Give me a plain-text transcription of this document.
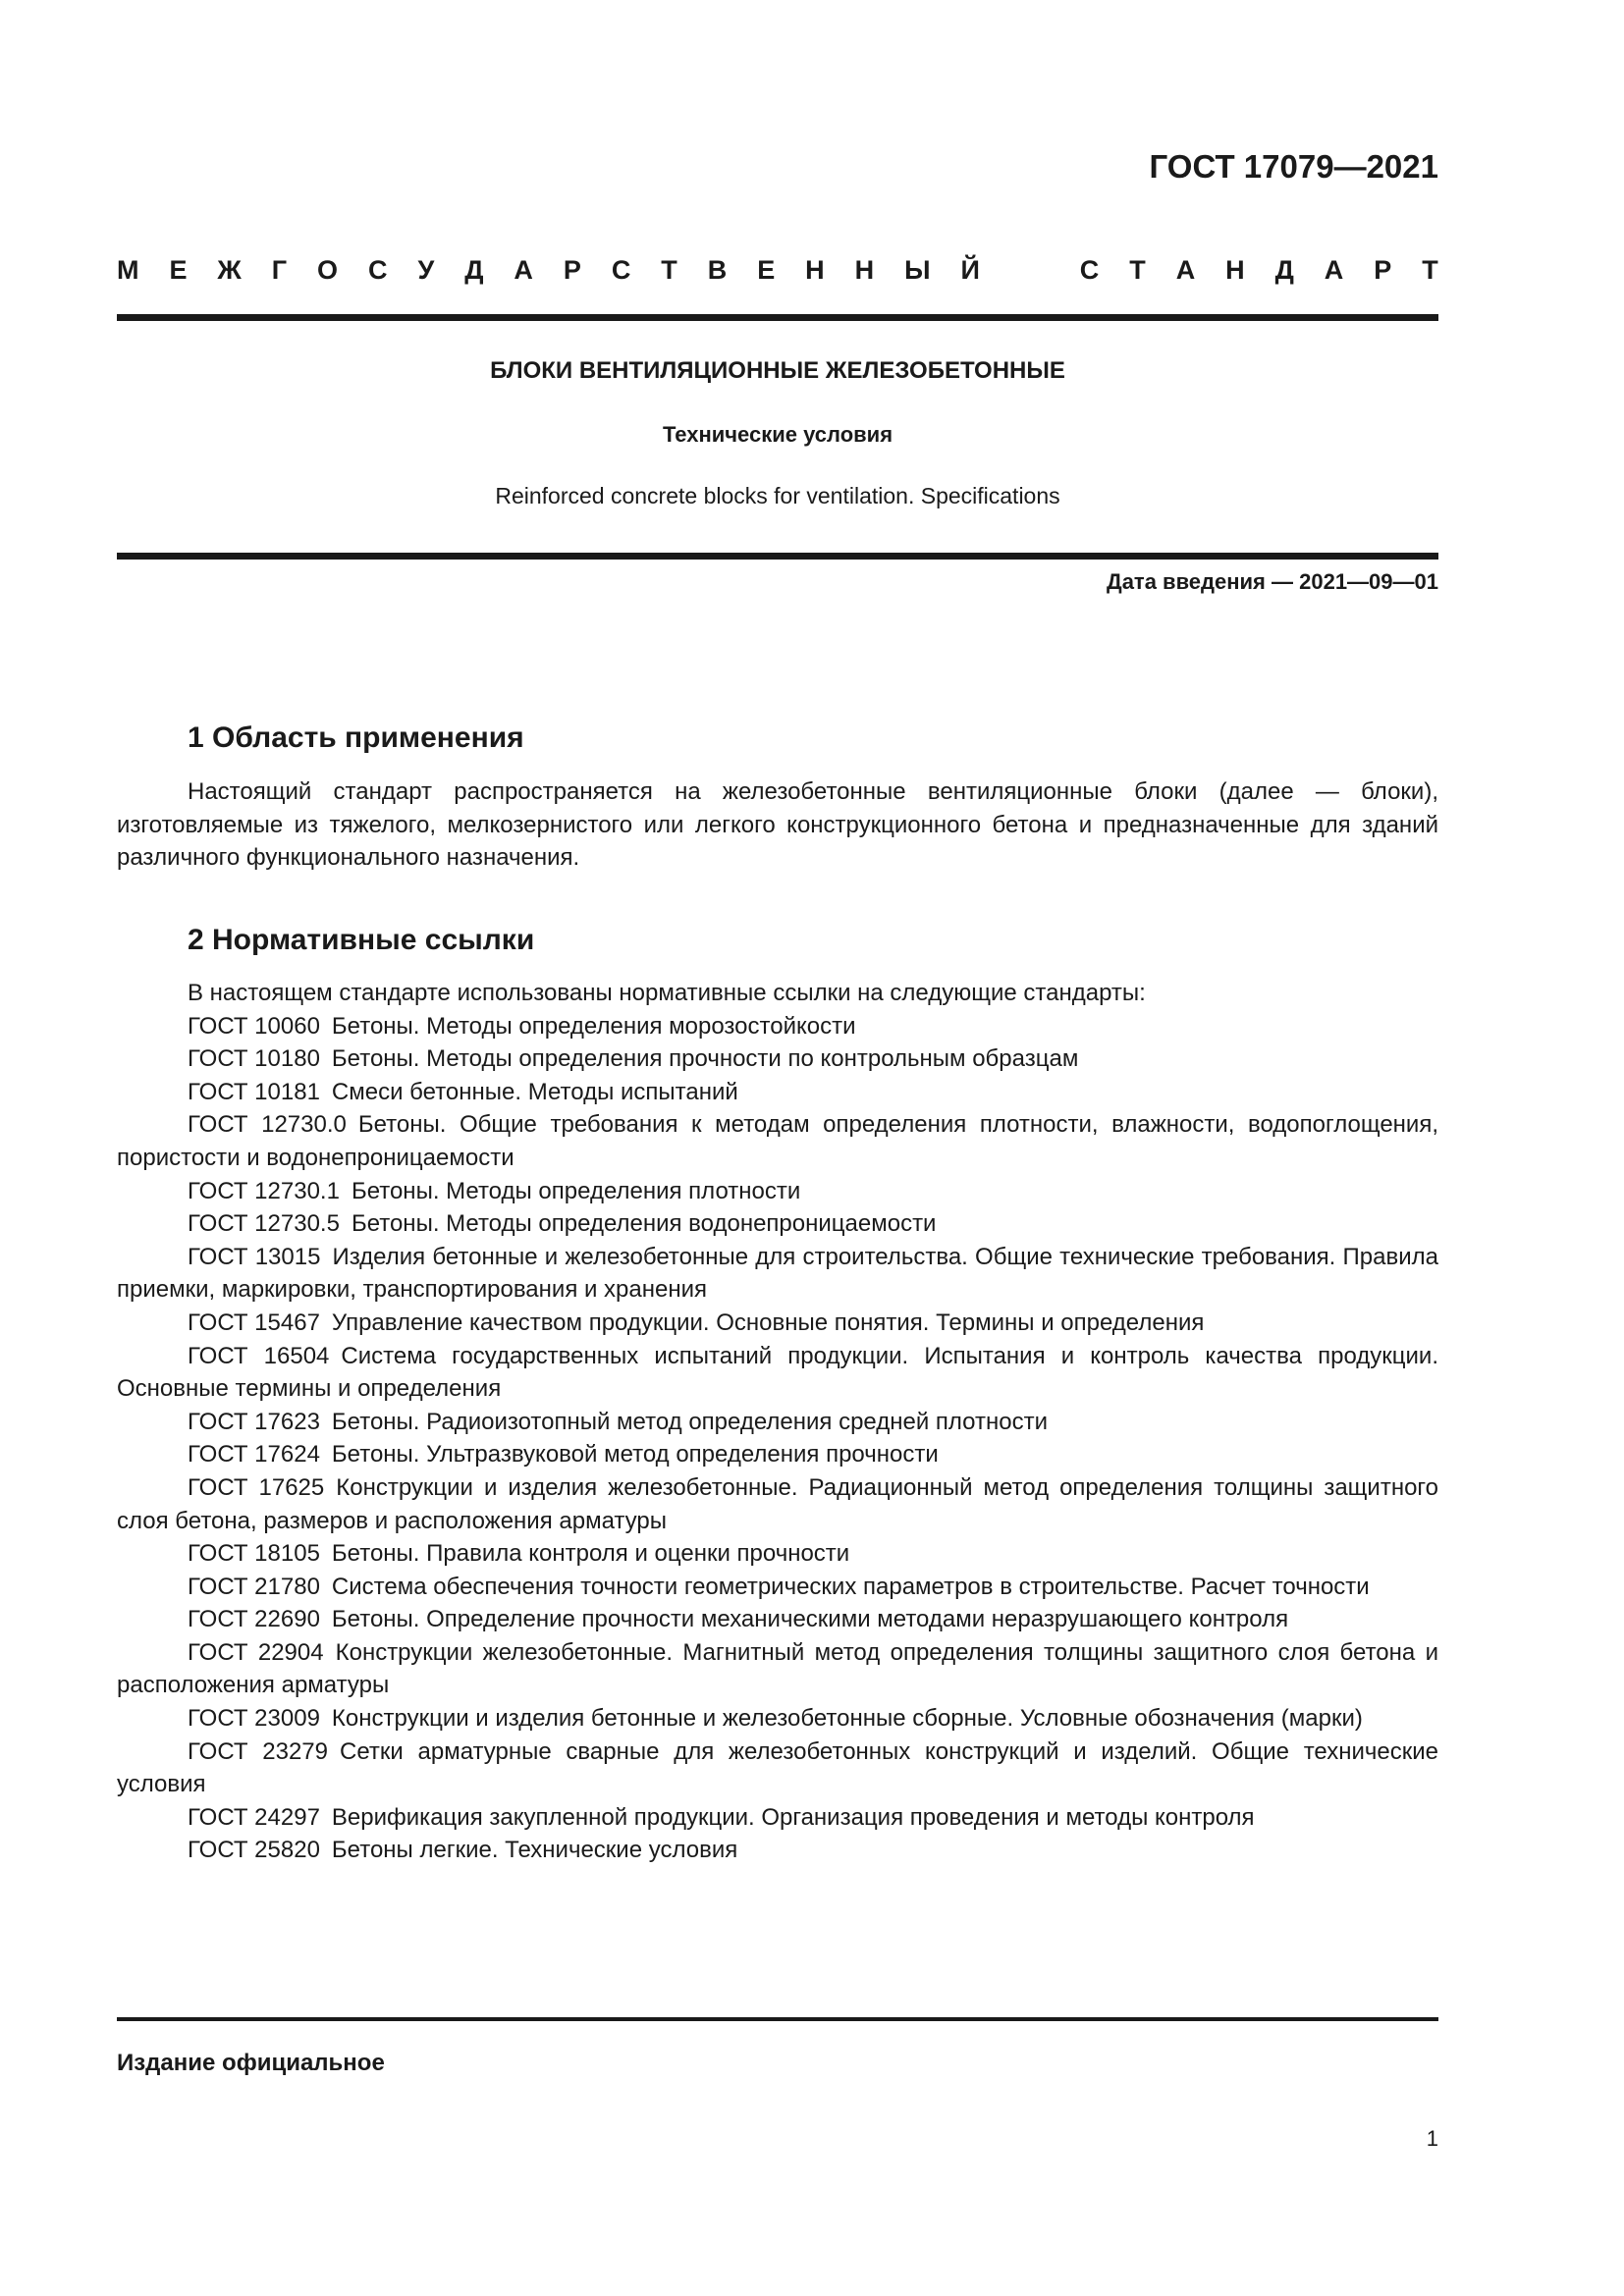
ГОСТ 17079—2021
М Е Ж Г О С У Д А Р С Т В Е Н Н Ы Й	С Т А Н Д А Р Т
БЛОКИ ВЕНТИЛЯЦИОННЫЕ ЖЕЛЕЗОБЕТОННЫЕ
Технические условия
Reinforced concrete blocks for ventilation. Specifications
Дата введения — 2021—09—01
1 Область применения

Настоящий стандарт распространяется на железобетонные вентиляционные блоки (далее — блоки), изготовляемые из тяжелого, мелкозернистого или легкого конструкционного бетона и предназначенные для зданий различного функционального назначения.

2 Нормативные ссылки

В настоящем стандарте использованы нормативные ссылки на следующие стандарты:

ГОСТ 10060 Бетоны. Методы определения морозостойкости

ГОСТ 10180 Бетоны. Методы определения прочности по контрольным образцам

ГОСТ 10181 Смеси бетонные. Методы испытаний

ГОСТ 12730.0 Бетоны. Общие требования к методам определения плотности, влажности, водопоглощения, пористости и водонепроницаемости

ГОСТ 12730.1 Бетоны. Методы определения плотности

ГОСТ 12730.5 Бетоны. Методы определения водонепроницаемости

ГОСТ 13015 Изделия бетонные и железобетонные для строительства. Общие технические требования. Правила приемки, маркировки, транспортирования и хранения

ГОСТ 15467 Управление качеством продукции. Основные понятия. Термины и определения

ГОСТ 16504 Система государственных испытаний продукции. Испытания и контроль качества продукции. Основные термины и определения

ГОСТ 17623 Бетоны. Радиоизотопный метод определения средней плотности

ГОСТ 17624 Бетоны. Ультразвуковой метод определения прочности

ГОСТ 17625 Конструкции и изделия железобетонные. Радиационный метод определения толщины защитного слоя бетона, размеров и расположения арматуры

ГОСТ 18105 Бетоны. Правила контроля и оценки прочности

ГОСТ 21780 Система обеспечения точности геометрических параметров в строительстве. Расчет точности

ГОСТ 22690 Бетоны. Определение прочности механическими методами неразрушающего контроля

ГОСТ 22904 Конструкции железобетонные. Магнитный метод определения толщины защитного слоя бетона и расположения арматуры

ГОСТ 23009 Конструкции и изделия бетонные и железобетонные сборные. Условные обозначения (марки)

ГОСТ 23279 Сетки арматурные сварные для железобетонных конструкций и изделий. Общие технические условия

ГОСТ 24297 Верификация закупленной продукции. Организация проведения и методы контроля

ГОСТ 25820 Бетоны легкие. Технические условия

Издание официальное
1
